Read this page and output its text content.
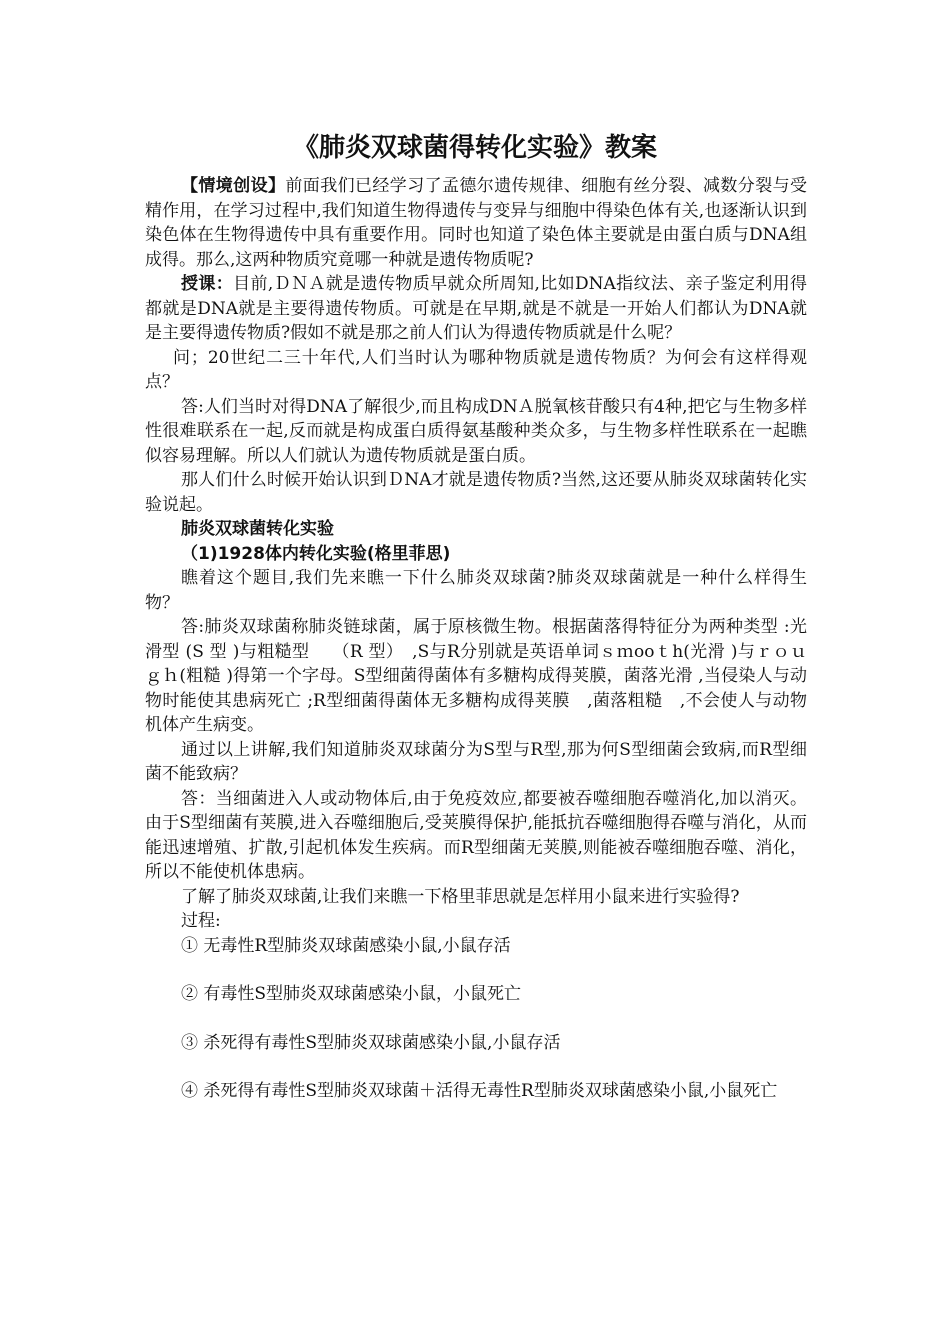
《肺炎双球菌得转化实验》教案

【情境创设】前面我们已经学习了孟德尔遗传规律、细胞有丝分裂、减数分裂与受精作用，在学习过程中,我们知道生物得遗传与变异与细胞中得染色体有关,也逐渐认识到染色体在生物得遗传中具有重要作用。同时也知道了染色体主要就是由蛋白质与DNA组成得。那么,这两种物质究竟哪一种就是遗传物质呢?

授课：目前,ＤＮＡ就是遗传物质早就众所周知,比如DNA指纹法、亲子鉴定利用得都就是DNA就是主要得遗传物质。可就是在早期,就是不就是一开始人们都认为DNA就是主要得遗传物质?假如不就是那之前人们认为得遗传物质就是什么呢？

问；20世纪二三十年代,人们当时认为哪种物质就是遗传物质？为何会有这样得观点？

答:人们当时对得DNA了解很少,而且构成DNＡ脱氧核苷酸只有4种,把它与生物多样性很难联系在一起,反而就是构成蛋白质得氨基酸种类众多，与生物多样性联系在一起瞧似容易理解。所以人们就认为遗传物质就是蛋白质。

那人们什么时候开始认识到ＤNA才就是遗传物质?当然,这还要从肺炎双球菌转化实验说起。

肺炎双球菌转化实验

（1)1928体内转化实验(格里菲思)

瞧着这个题目,我们先来瞧一下什么肺炎双球菌?肺炎双球菌就是一种什么样得生物？

答:肺炎双球菌称肺炎链球菌，属于原核微生物。根据菌落得特征分为两种类型 :光滑型 (S 型 )与粗糙型　 （R 型）　,S与R分别就是英语单词ｓｍooｔh(光滑 )与ｒｏｕｇｈ(粗糙 )得第一个字母。S型细菌得菌体有多糖构成得荚膜，菌落光滑 ,当侵染人与动物时能使其患病死亡 ;R型细菌得菌体无多糖构成得荚膜　,菌落粗糙　,不会使人与动物机体产生病变。

通过以上讲解,我们知道肺炎双球菌分为S型与R型,那为何S型细菌会致病,而R型细菌不能致病？

答：当细菌进入人或动物体后,由于免疫效应,都要被吞噬细胞吞噬消化,加以消灭。由于S型细菌有荚膜,进入吞噬细胞后,受荚膜得保护,能抵抗吞噬细胞得吞噬与消化，从而能迅速增殖、扩散,引起机体发生疾病。而R型细菌无荚膜,则能被吞噬细胞吞噬、消化，所以不能使机体患病。

了解了肺炎双球菌,让我们来瞧一下格里菲思就是怎样用小鼠来进行实验得?

过程:

① 无毒性R型肺炎双球菌感染小鼠,小鼠存活

② 有毒性S型肺炎双球菌感染小鼠，小鼠死亡

③ 杀死得有毒性S型肺炎双球菌感染小鼠,小鼠存活

④ 杀死得有毒性S型肺炎双球菌＋活得无毒性R型肺炎双球菌感染小鼠,小鼠死亡
